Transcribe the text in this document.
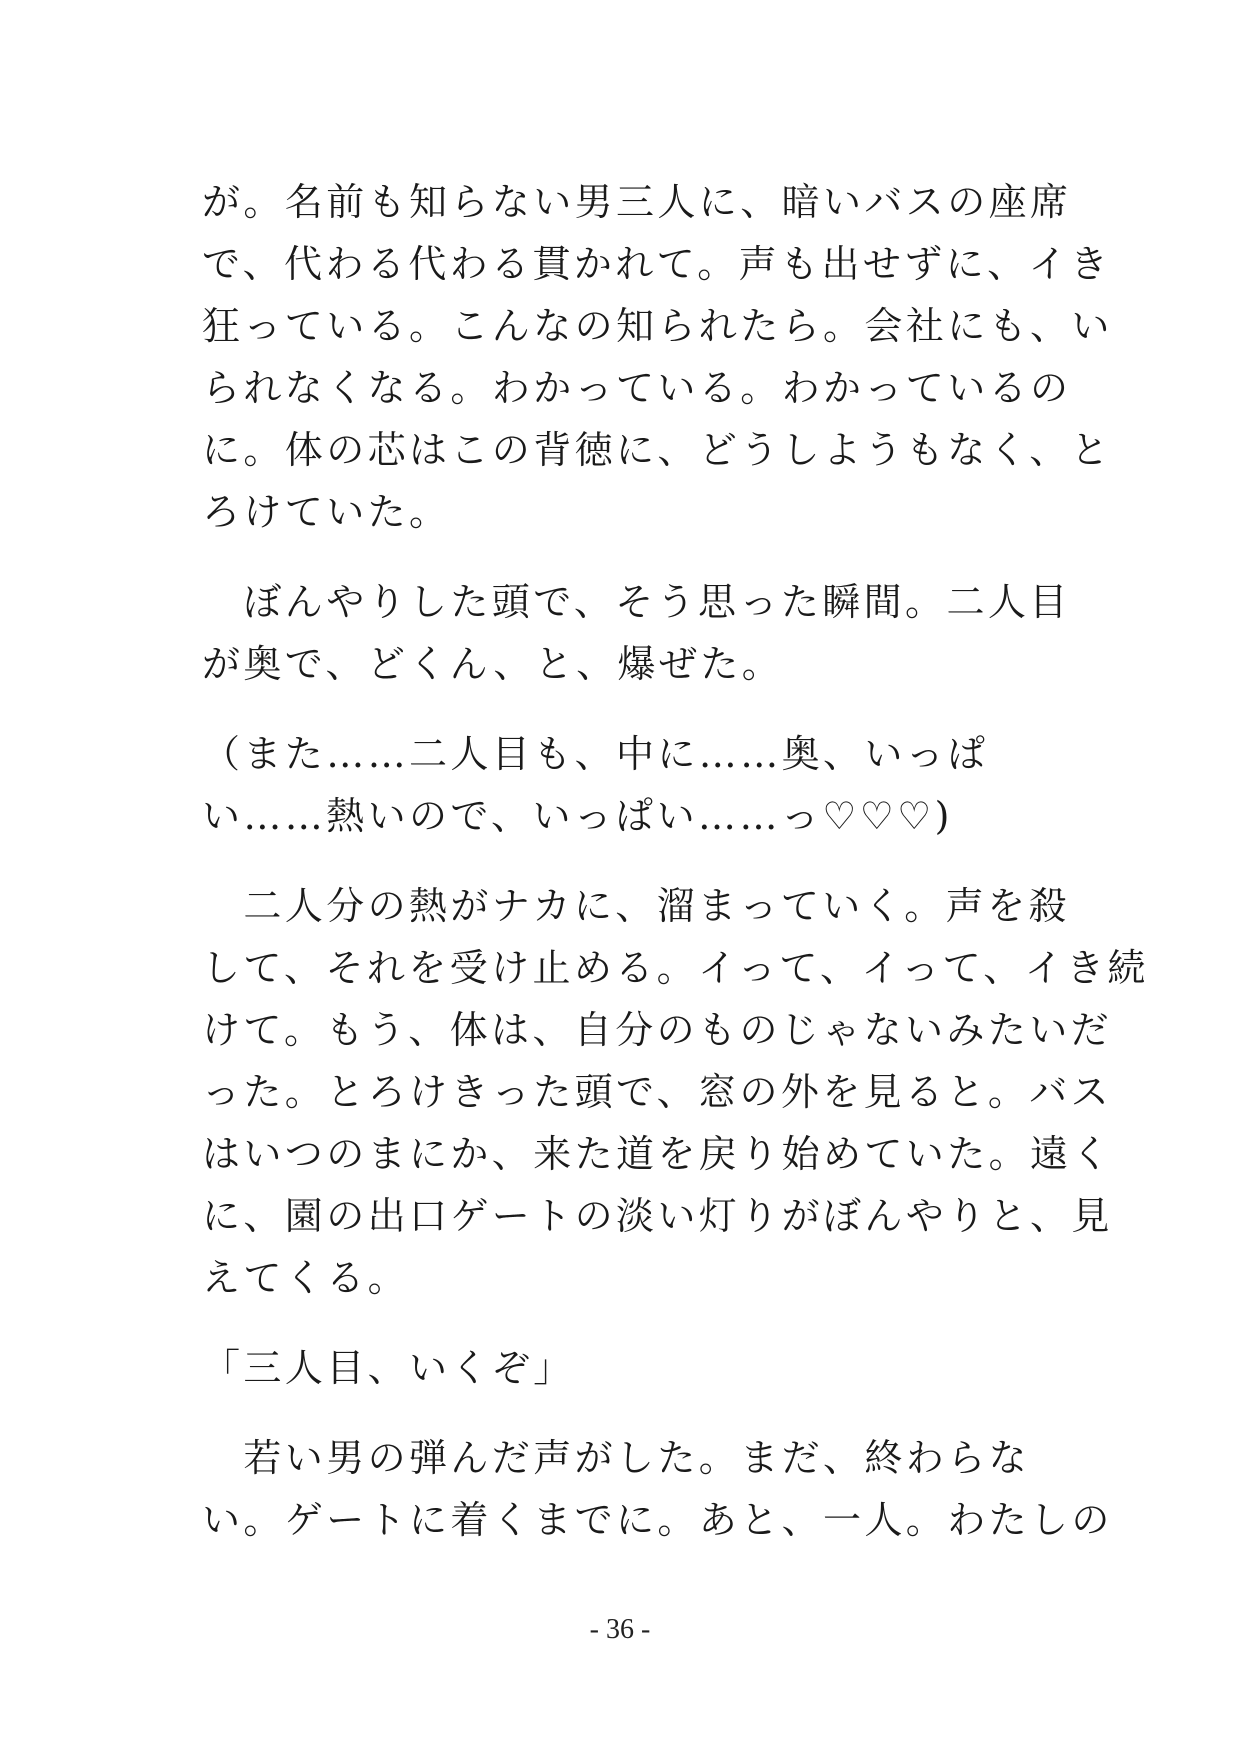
が。名前も知らない男三人に、暗いバスの座席
で、代わる代わる貫かれて。声も出せずに、イき
狂っている。こんなの知られたら。会社にも、い
られなくなる。わかっている。わかっているの
に。体の芯はこの背徳に、どうしようもなく、と
ろけていた。
　ぼんやりした頭で、そう思った瞬間。二人目
が奥で、どくん、と、爆ぜた。
（また……二人目も、中に……奥、いっぱ
い……熱いので、いっぱい……っ♡♡♡)
　二人分の熱がナカに、溜まっていく。声を殺
して、それを受け止める。イって、イって、イき続
けて。もう、体は、自分のものじゃないみたいだ
った。とろけきった頭で、窓の外を見ると。バス
はいつのまにか、来た道を戻り始めていた。遠く
に、園の出口ゲートの淡い灯りがぼんやりと、見
えてくる。
「三人目、いくぞ」
　若い男の弾んだ声がした。まだ、終わらな
い。ゲートに着くまでに。あと、一人。わたしの
- 36 -
